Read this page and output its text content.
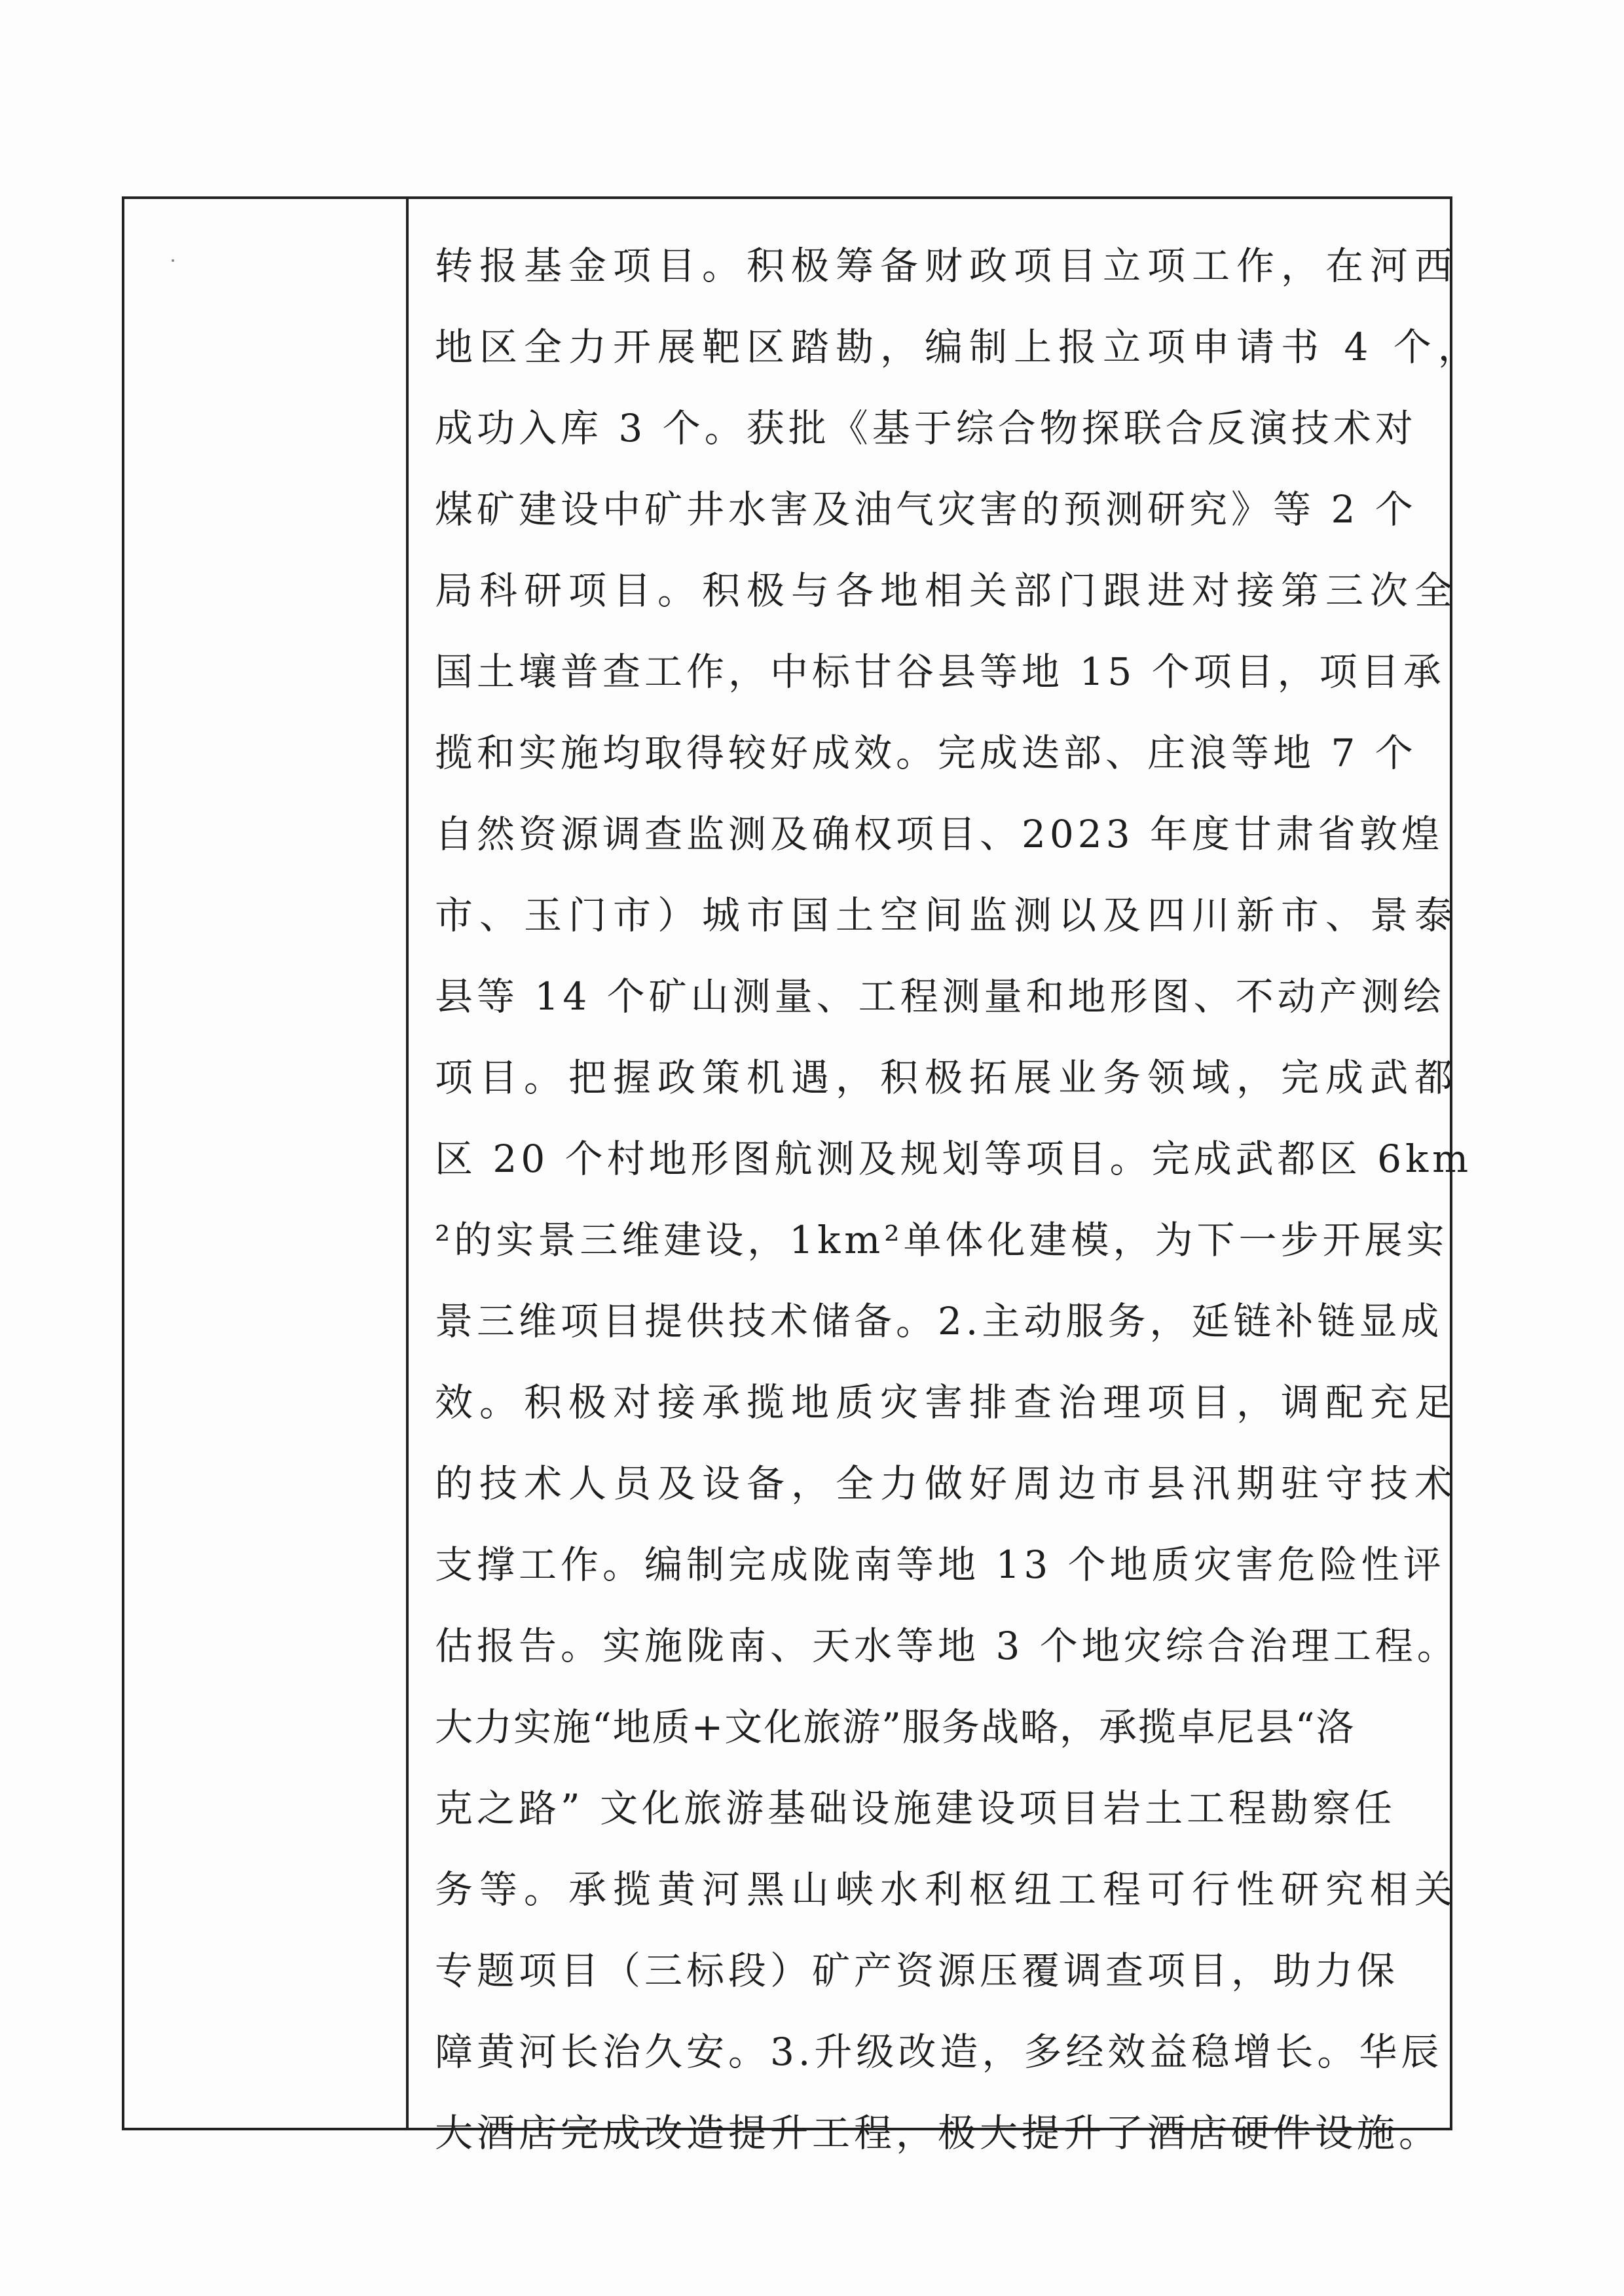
转报基金项目。积极筹备财政项目立项工作，在河西
地区全力开展靶区踏勘，编制上报立项申请书 4 个，
成功入库 3 个。获批《基于综合物探联合反演技术对
煤矿建设中矿井水害及油气灾害的预测研究》等 2 个
局科研项目。积极与各地相关部门跟进对接第三次全
国土壤普查工作，中标甘谷县等地 15 个项目，项目承
揽和实施均取得较好成效。完成迭部、庄浪等地 7 个
自然资源调查监测及确权项目、2023 年度甘肃省敦煌
市、玉门市）城市国土空间监测以及四川新市、景泰
县等 14 个矿山测量、工程测量和地形图、不动产测绘
项目。把握政策机遇，积极拓展业务领域，完成武都
区 20 个村地形图航测及规划等项目。完成武都区 6km
²的实景三维建设，1km²单体化建模，为下一步开展实
景三维项目提供技术储备。2.主动服务，延链补链显成
效。积极对接承揽地质灾害排查治理项目，调配充足
的技术人员及设备，全力做好周边市县汛期驻守技术
支撑工作。编制完成陇南等地 13 个地质灾害危险性评
估报告。实施陇南、天水等地 3 个地灾综合治理工程。
大力实施“地质+文化旅游”服务战略，承揽卓尼县“洛
克之路” 文化旅游基础设施建设项目岩土工程勘察任
务等。承揽黄河黑山峡水利枢纽工程可行性研究相关
专题项目（三标段）矿产资源压覆调查项目，助力保
障黄河长治久安。3.升级改造，多经效益稳增长。华辰
大酒店完成改造提升工程，极大提升了酒店硬件设施。
